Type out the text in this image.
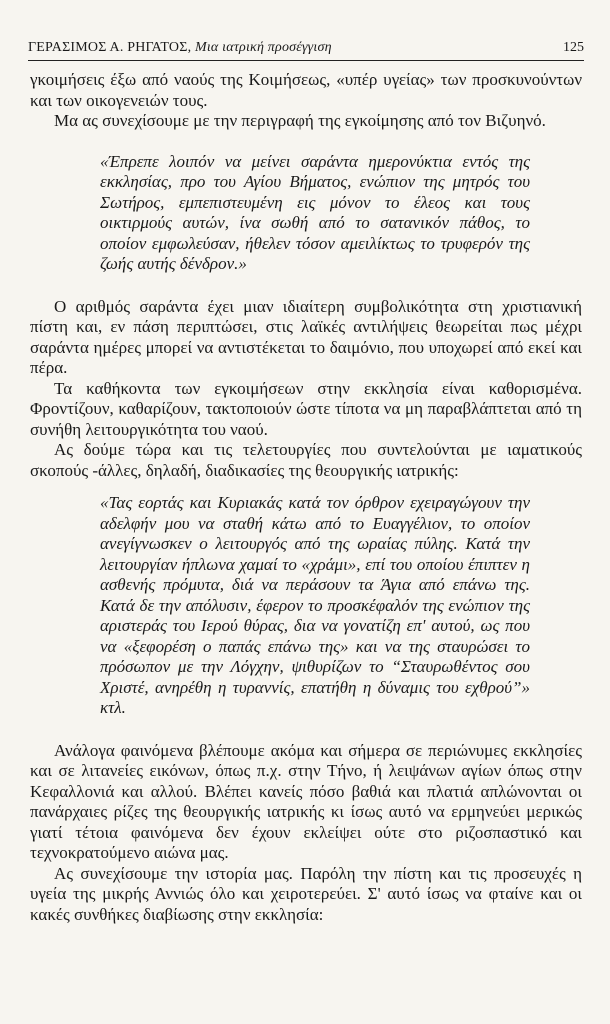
ΓΕΡΑΣΙΜΟΣ Α. ΡΗΓΑΤΟΣ, Μια ιατρική προσέγγιση	125

γκοιμήσεις έξω από ναούς της Κοιμήσεως, «υπέρ υγείας» των προσκυνούντων και των οικογενειών τους.

Μα ας συνεχίσουμε με την περιγραφή της εγκοίμησης από τον Βιζυηνό.

«Έπρεπε λοιπόν να μείνει σαράντα ημερονύκτια εντός της εκκλησίας, προ του Αγίου Βήματος, ενώπιον της μητρός του Σωτήρος, εμπεπιστευμένη εις μόνον το έλεος και τους οικτιρμούς αυτών, ίνα σωθή από το σατανικόν πάθος, το οποίον εμφωλεύσαν, ήθελεν τόσον αμειλίκτως το τρυφερόν της ζωής αυτής δένδρον.»

Ο αριθμός σαράντα έχει μιαν ιδιαίτερη συμβολικότητα στη χριστιανική πίστη και, εν πάση περιπτώσει, στις λαϊκές αντιλήψεις θεωρείται πως μέχρι σαράντα ημέρες μπορεί να αντιστέκεται το δαιμόνιο, που υποχωρεί από εκεί και πέρα.

Τα καθήκοντα των εγκοιμήσεων στην εκκλησία είναι καθορισμένα. Φροντίζουν, καθαρίζουν, τακτοποιούν ώστε τίποτα να μη παραβλάπτεται από τη συνήθη λειτουργικότητα του ναού.

Ας δούμε τώρα και τις τελετουργίες που συντελούνται με ιαματικούς σκοπούς -άλλες, δηλαδή, διαδικασίες της θεουργικής ιατρικής:

«Τας εορτάς και Κυριακάς κατά τον όρθρον εχειραγώγουν την αδελφήν μου να σταθή κάτω από το Ευαγγέλιον, το οποίον ανεγίγνωσκεν ο λειτουργός από της ωραίας πύλης. Κατά την λειτουργίαν ήπλωνα χαμαί το «χράμι», επί του οποίου έπιπτεν η ασθενής πρόμυτα, διά να περάσουν τα Άγια από επάνω της. Κατά δε την απόλυσιν, έφερον το προσκέφαλόν της ενώπιον της αριστεράς του Ιερού θύρας, δια να γονατίζη επ' αυτού, ως που να «ξεφορέση ο παπάς επάνω της» και να της σταυρώσει το πρόσωπον με την Λόγχην, ψιθυρίζων το “Σταυρωθέντος σου Χριστέ, ανηρέθη η τυραννίς, επατήθη η δύναμις του εχθρού”» κτλ.

Ανάλογα φαινόμενα βλέπουμε ακόμα και σήμερα σε περιώνυμες εκκλησίες και σε λιτανείες εικόνων, όπως π.χ. στην Τήνο, ή λειψάνων αγίων όπως στην Κεφαλλονιά και αλλού. Βλέπει κανείς πόσο βαθιά και πλατιά απλώνονται οι πανάρχαιες ρίζες της θεουργικής ιατρικής κι ίσως αυτό να ερμηνεύει μερικώς γιατί τέτοια φαινόμενα δεν έχουν εκλείψει ούτε στο ριζοσπαστικό και τεχνοκρατούμενο αιώνα μας.

Ας συνεχίσουμε την ιστορία μας. Παρόλη την πίστη και τις προσευχές η υγεία της μικρής Αννιώς όλο και χειροτερεύει. Σ' αυτό ίσως να φταίνε και οι κακές συνθήκες διαβίωσης στην εκκλησία:
